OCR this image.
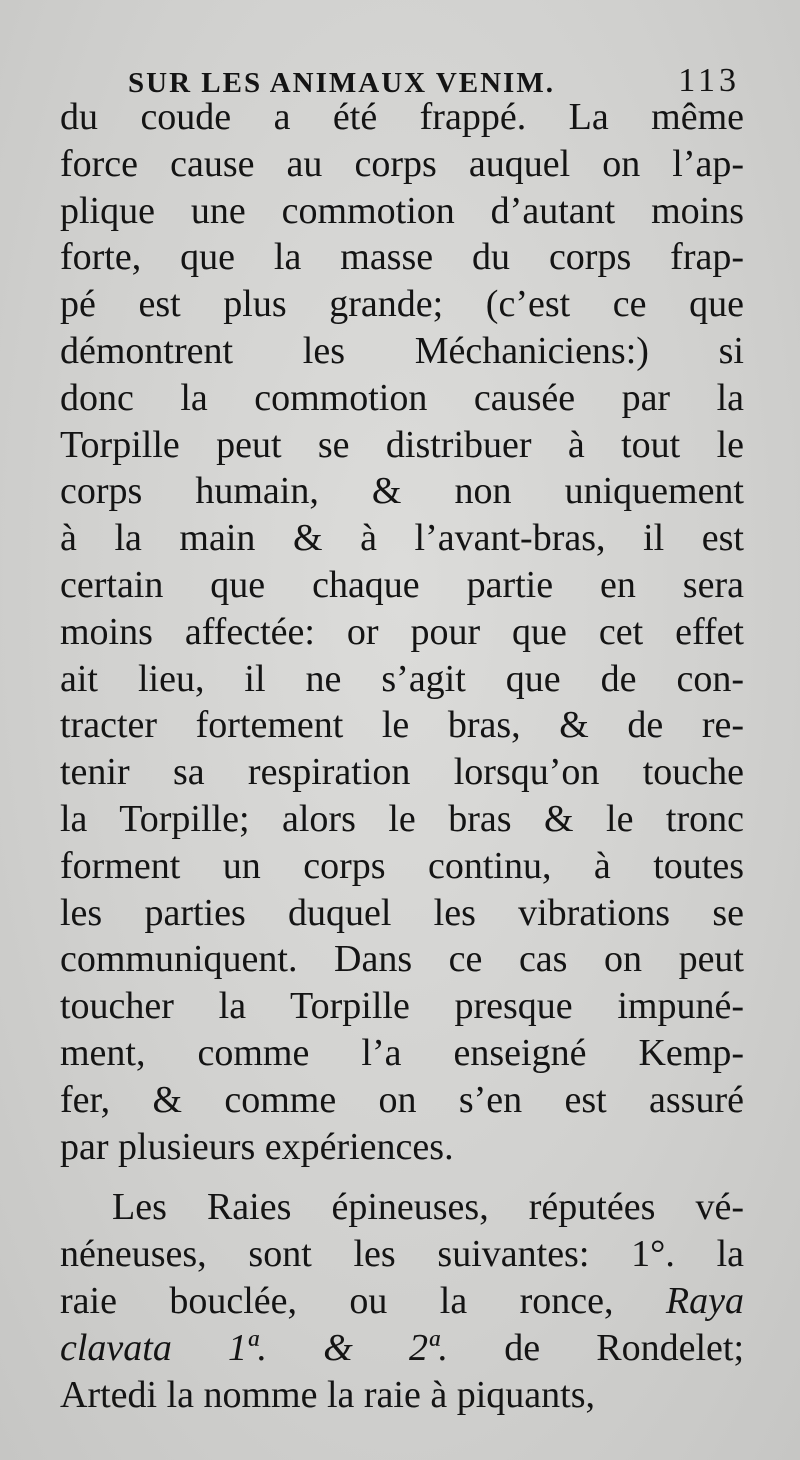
SUR LES ANIMAUX VENIM.	113
du coude a été frappé. La même
force cause au corps auquel on l’ap-
plique une commotion d’autant moins
forte, que la masse du corps frap-
pé est plus grande; (c’est ce que
démontrent les Méchaniciens:) si
donc la commotion causée par la
Torpille peut se distribuer à tout le
corps humain, & non uniquement
à la main & à l’avant-bras, il est
certain que chaque partie en sera
moins affectée: or pour que cet effet
ait lieu, il ne s’agit que de con-
tracter fortement le bras, & de re-
tenir sa respiration lorsqu’on touche
la Torpille; alors le bras & le tronc
forment un corps continu, à toutes
les parties duquel les vibrations se
communiquent. Dans ce cas on peut
toucher la Torpille presque impuné-
ment, comme l’a enseigné Kemp-
fer, & comme on s’en est assuré
par plusieurs expériences.
Les Raies épineuses, réputées vé-
néneuses, sont les suivantes: 1°. la
raie bouclée, ou la ronce, Raya
clavata 1ª. & 2ª. de Rondelet;
Artedi la nomme la raie à piquants,
